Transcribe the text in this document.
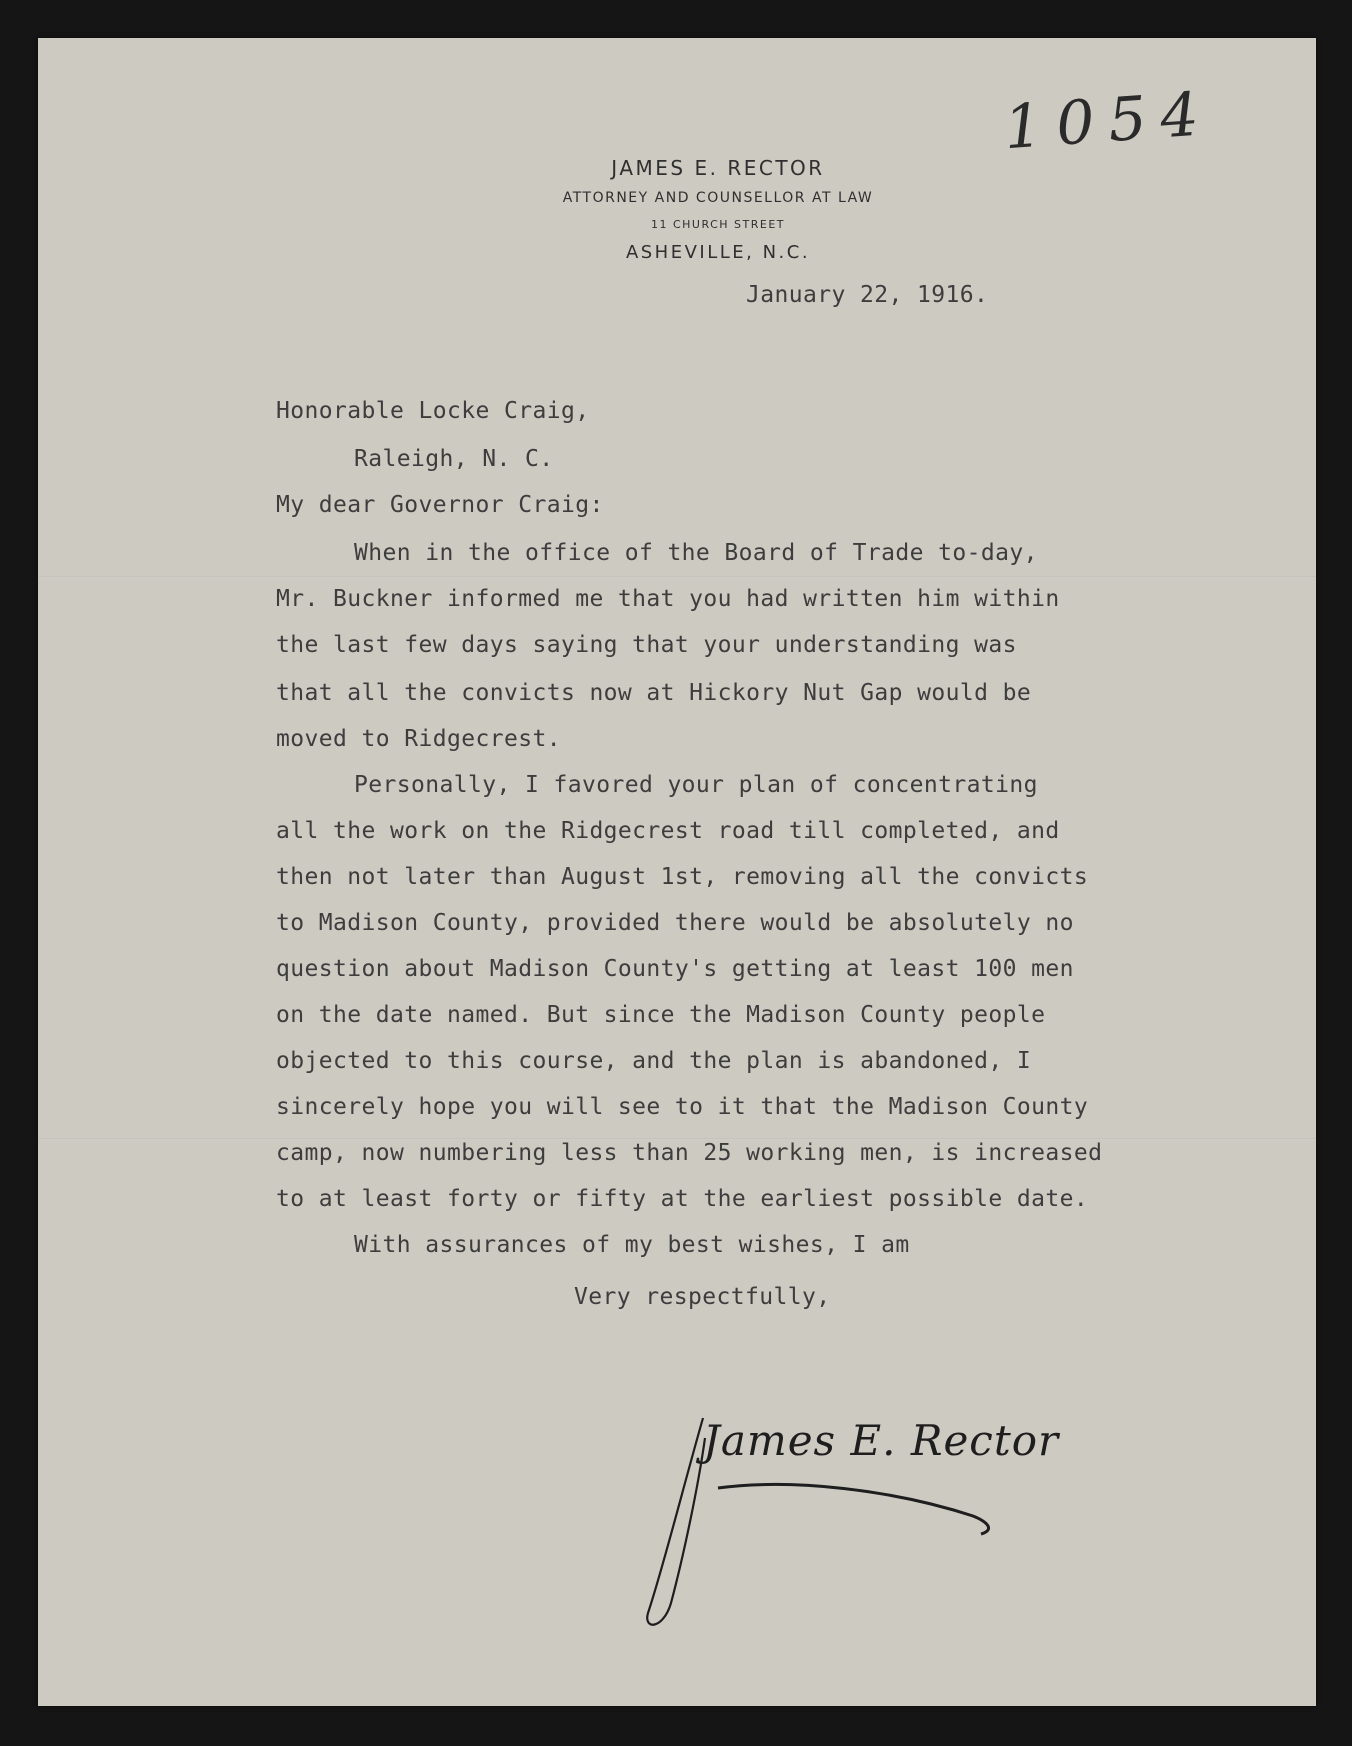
1054
JAMES E. RECTOR
ATTORNEY AND COUNSELLOR AT LAW
11 CHURCH STREET
ASHEVILLE, N.C.
January 22, 1916.
Honorable Locke Craig,
Raleigh, N. C.
My dear Governor Craig:
When in the office of the Board of Trade to-day,
Mr. Buckner informed me that you had written him within
the last few days saying that your understanding was
that all the convicts now at Hickory Nut Gap would be
moved to Ridgecrest.
Personally, I favored your plan of concentrating
all the work on the Ridgecrest road till completed, and
then not later than August 1st, removing all the convicts
to Madison County, provided there would be absolutely no
question about Madison County's getting at least 100 men
on the date named. But since the Madison County people
objected to this course, and the plan is abandoned, I
sincerely hope you will see to it that the Madison County
camp, now numbering less than 25 working men, is increased
to at least forty or fifty at the earliest possible date.
With assurances of my best wishes, I am
Very respectfully,
James E. Rector
